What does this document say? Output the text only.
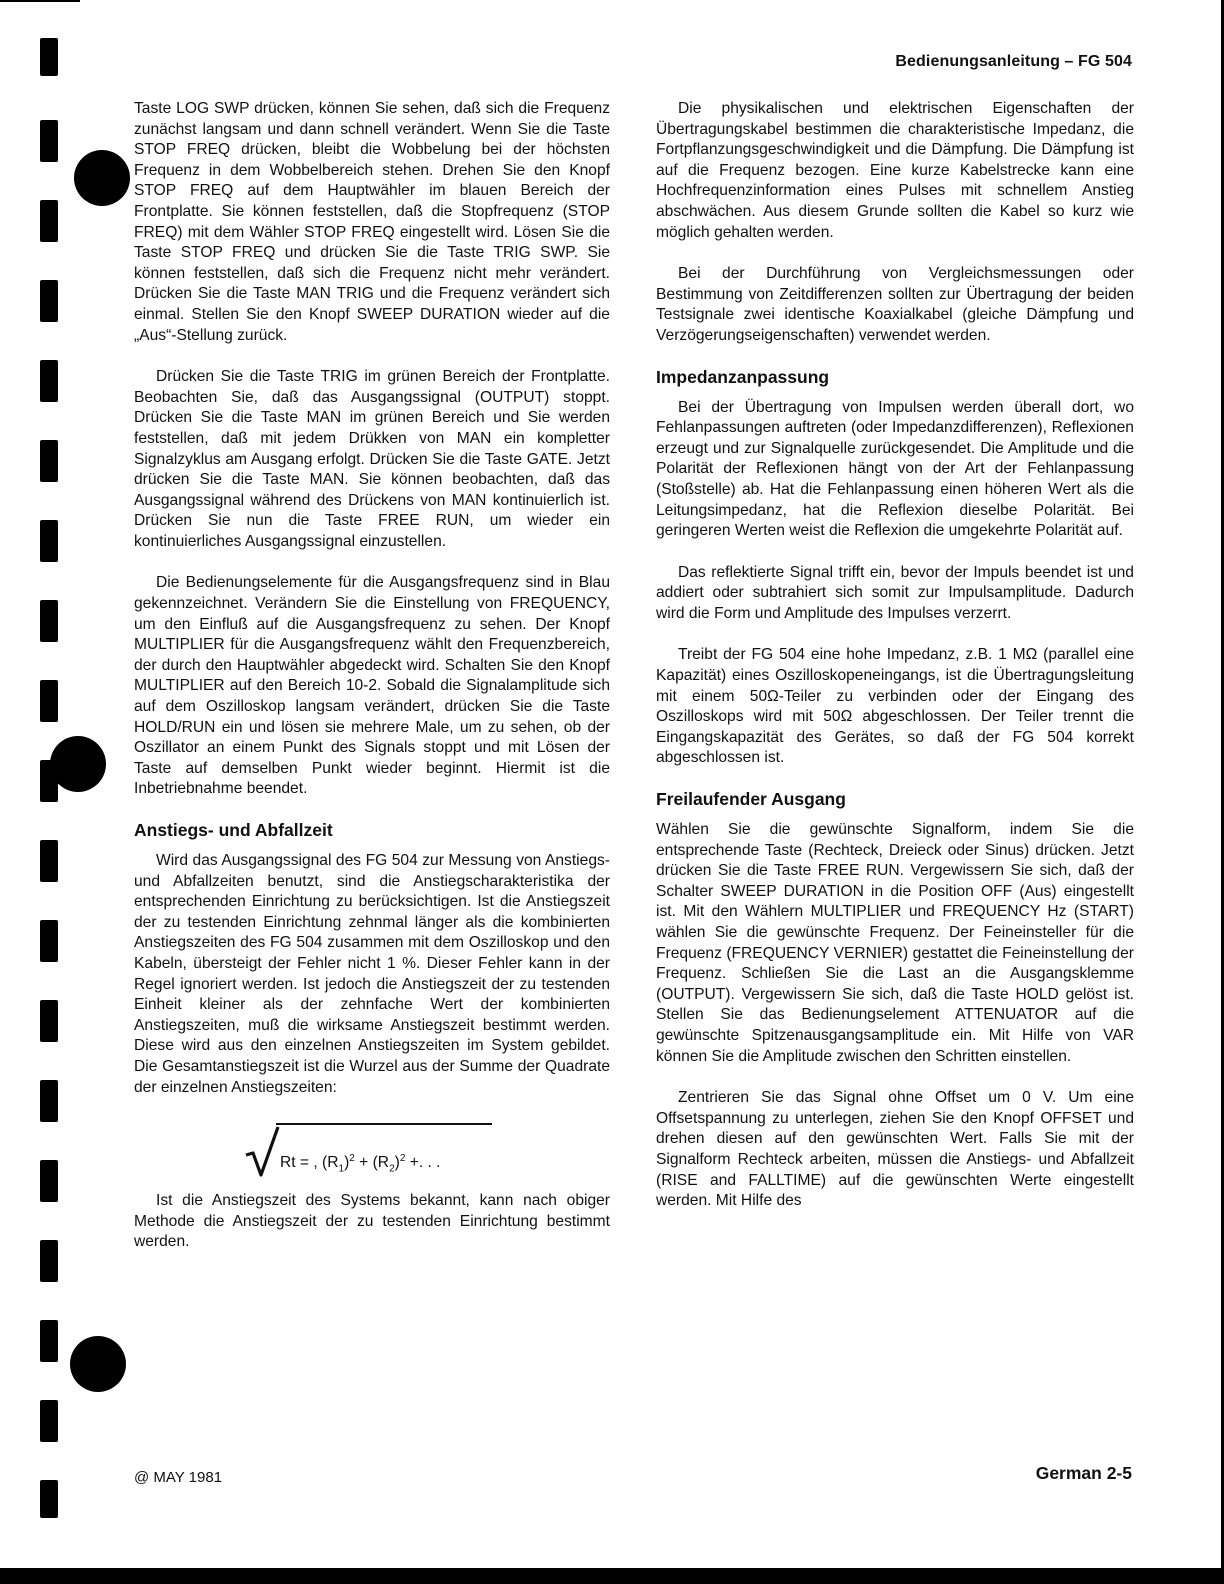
Bedienungsanleitung – FG 504

Taste LOG SWP drücken, können Sie sehen, daß sich die Frequenz zunächst langsam und dann schnell verändert. Wenn Sie die Taste STOP FREQ drücken, bleibt die Wobbelung bei der höchsten Frequenz in dem Wobbelbereich stehen. Drehen Sie den Knopf STOP FREQ auf dem Hauptwähler im blauen Bereich der Frontplatte. Sie können feststellen, daß die Stopfrequenz (STOP FREQ) mit dem Wähler STOP FREQ eingestellt wird. Lösen Sie die Taste STOP FREQ und drücken Sie die Taste TRIG SWP. Sie können feststellen, daß sich die Frequenz nicht mehr verändert. Drücken Sie die Taste MAN TRIG und die Frequenz verändert sich einmal. Stellen Sie den Knopf SWEEP DURATION wieder auf die „Aus“-Stellung zurück.

Drücken Sie die Taste TRIG im grünen Bereich der Frontplatte. Beobachten Sie, daß das Ausgangssignal (OUTPUT) stoppt. Drücken Sie die Taste MAN im grünen Bereich und Sie werden feststellen, daß mit jedem Drükken von MAN ein kompletter Signalzyklus am Ausgang erfolgt. Drücken Sie die Taste GATE. Jetzt drücken Sie die Taste MAN. Sie können beobachten, daß das Ausgangssignal während des Drückens von MAN kontinuierlich ist. Drücken Sie nun die Taste FREE RUN, um wieder ein kontinuierliches Ausgangssignal einzustellen.

Die Bedienungselemente für die Ausgangsfrequenz sind in Blau gekennzeichnet. Verändern Sie die Einstellung von FREQUENCY, um den Einfluß auf die Ausgangsfrequenz zu sehen. Der Knopf MULTIPLIER für die Ausgangsfrequenz wählt den Frequenzbereich, der durch den Hauptwähler abgedeckt wird. Schalten Sie den Knopf MULTIPLIER auf den Bereich 10-2. Sobald die Signalamplitude sich auf dem Oszilloskop langsam verändert, drücken Sie die Taste HOLD/RUN ein und lösen sie mehrere Male, um zu sehen, ob der Oszillator an einem Punkt des Signals stoppt und mit Lösen der Taste auf demselben Punkt wieder beginnt. Hiermit ist die Inbetriebnahme beendet.

Anstiegs- und Abfallzeit

Wird das Ausgangssignal des FG 504 zur Messung von Anstiegs- und Abfallzeiten benutzt, sind die Anstiegscharakteristika der entsprechenden Einrichtung zu berücksichtigen. Ist die Anstiegszeit der zu testenden Einrichtung zehnmal länger als die kombinierten Anstiegszeiten des FG 504 zusammen mit dem Oszilloskop und den Kabeln, übersteigt der Fehler nicht 1 %. Dieser Fehler kann in der Regel ignoriert werden. Ist jedoch die Anstiegszeit der zu testenden Einheit kleiner als der zehnfache Wert der kombinierten Anstiegszeiten, muß die wirksame Anstiegszeit bestimmt werden. Diese wird aus den einzelnen Anstiegszeiten im System gebildet. Die Gesamtanstiegszeit ist die Wurzel aus der Summe der Quadrate der einzelnen Anstiegszeiten:

Rt = , $(R_1)^2 + (R_2)^2$ +. . .

Ist die Anstiegszeit des Systems bekannt, kann nach obiger Methode die Anstiegszeit der zu testenden Einrichtung bestimmt werden.

Die physikalischen und elektrischen Eigenschaften der Übertragungskabel bestimmen die charakteristische Impedanz, die Fortpflanzungsgeschwindigkeit und die Dämpfung. Die Dämpfung ist auf die Frequenz bezogen. Eine kurze Kabelstrecke kann eine Hochfrequenzinformation eines Pulses mit schnellem Anstieg abschwächen. Aus diesem Grunde sollten die Kabel so kurz wie möglich gehalten werden.

Bei der Durchführung von Vergleichsmessungen oder Bestimmung von Zeitdifferenzen sollten zur Übertragung der beiden Testsignale zwei identische Koaxialkabel (gleiche Dämpfung und Verzögerungseigenschaften) verwendet werden.

Impedanzanpassung

Bei der Übertragung von Impulsen werden überall dort, wo Fehlanpassungen auftreten (oder Impedanzdifferenzen), Reflexionen erzeugt und zur Signalquelle zurückgesendet. Die Amplitude und die Polarität der Reflexionen hängt von der Art der Fehlanpassung (Stoßstelle) ab. Hat die Fehlanpassung einen höheren Wert als die Leitungsimpedanz, hat die Reflexion dieselbe Polarität. Bei geringeren Werten weist die Reflexion die umgekehrte Polarität auf.

Das reflektierte Signal trifft ein, bevor der Impuls beendet ist und addiert oder subtrahiert sich somit zur Impulsamplitude. Dadurch wird die Form und Amplitude des Impulses verzerrt.

Treibt der FG 504 eine hohe Impedanz, z.B. 1 MΩ (parallel eine Kapazität) eines Oszilloskopeneingangs, ist die Übertragungsleitung mit einem 50Ω-Teiler zu verbinden oder der Eingang des Oszilloskops wird mit 50Ω abgeschlossen. Der Teiler trennt die Eingangskapazität des Gerätes, so daß der FG 504 korrekt abgeschlossen ist.

Freilaufender Ausgang

Wählen Sie die gewünschte Signalform, indem Sie die entsprechende Taste (Rechteck, Dreieck oder Sinus) drücken. Jetzt drücken Sie die Taste FREE RUN. Vergewissern Sie sich, daß der Schalter SWEEP DURATION in die Position OFF (Aus) eingestellt ist. Mit den Wählern MULTIPLIER und FREQUENCY Hz (START) wählen Sie die gewünschte Frequenz. Der Feineinsteller für die Frequenz (FREQUENCY VERNIER) gestattet die Feineinstellung der Frequenz. Schließen Sie die Last an die Ausgangsklemme (OUTPUT). Vergewissern Sie sich, daß die Taste HOLD gelöst ist. Stellen Sie das Bedienungselement ATTENUATOR auf die gewünschte Spitzenausgangsamplitude ein. Mit Hilfe von VAR können Sie die Amplitude zwischen den Schritten einstellen.

Zentrieren Sie das Signal ohne Offset um 0 V. Um eine Offsetspannung zu unterlegen, ziehen Sie den Knopf OFFSET und drehen diesen auf den gewünschten Wert. Falls Sie mit der Signalform Rechteck arbeiten, müssen die Anstiegs- und Abfallzeit (RISE and FALLTIME) auf die gewünschten Werte eingestellt werden. Mit Hilfe des

@ MAY 1981	German 2-5
